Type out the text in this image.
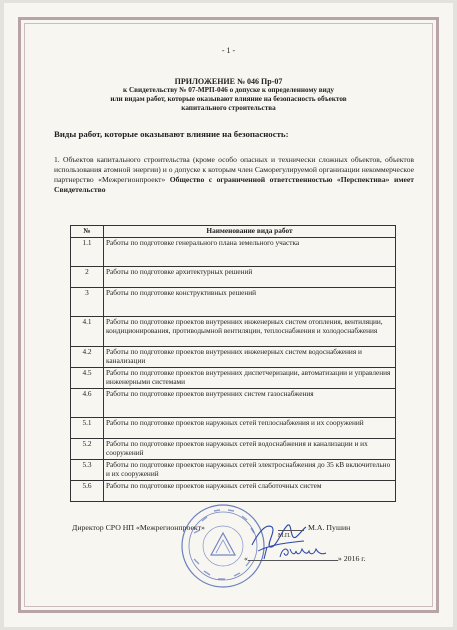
- 1 -
ПРИЛОЖЕНИЕ № 046 Пр-07
к Свидетельству № 07-МРП-046 о допуске к определенному виду
или видам работ, которые оказывают влияние на безопасность объектов
капитального строительства
Виды работ, которые оказывают влияние на безопасность:
1. Объектов капитального строительства (кроме особо опасных и технически сложных объектов, объектов использования атомной энергии) и о допуске к которым член Саморегулируемой организации некоммерческое партнерство «Межрегионпроект» Общество с ограниченной ответственностью «Перспектива» имеет Свидетельство
№	Наименование вида работ
1.1	Работы по подготовке генерального плана земельного участка
2	Работы по подготовке архитектурных решений
3	Работы по подготовке конструктивных решений
4.1	Работы по подготовке проектов внутренних инженерных систем отопления, вентиляции, кондиционирования, противодымной вентиляции, теплоснабжения и холодоснабжения
4.2	Работы по подготовке проектов внутренних инженерных систем водоснабжения и канализации
4.5	Работы по подготовке проектов внутренних диспетчеризации, автоматизации и управления инженерными системами
4.6	Работы по подготовке проектов внутренних систем газоснабжения
5.1	Работы по подготовке проектов наружных сетей теплоснабжения и их сооружений
5.2	Работы по подготовке проектов наружных сетей водоснабжения и канализации и их сооружений
5.3	Работы по подготовке проектов наружных сетей электроснабжения до 35 кВ включительно и их сооружений
5.6	Работы по подготовке проектов наружных сетей слаботочных систем
Директор СРО НП «Межрегионпроект»	М.А. Пушин
М.П.
«	» 2016 г.
